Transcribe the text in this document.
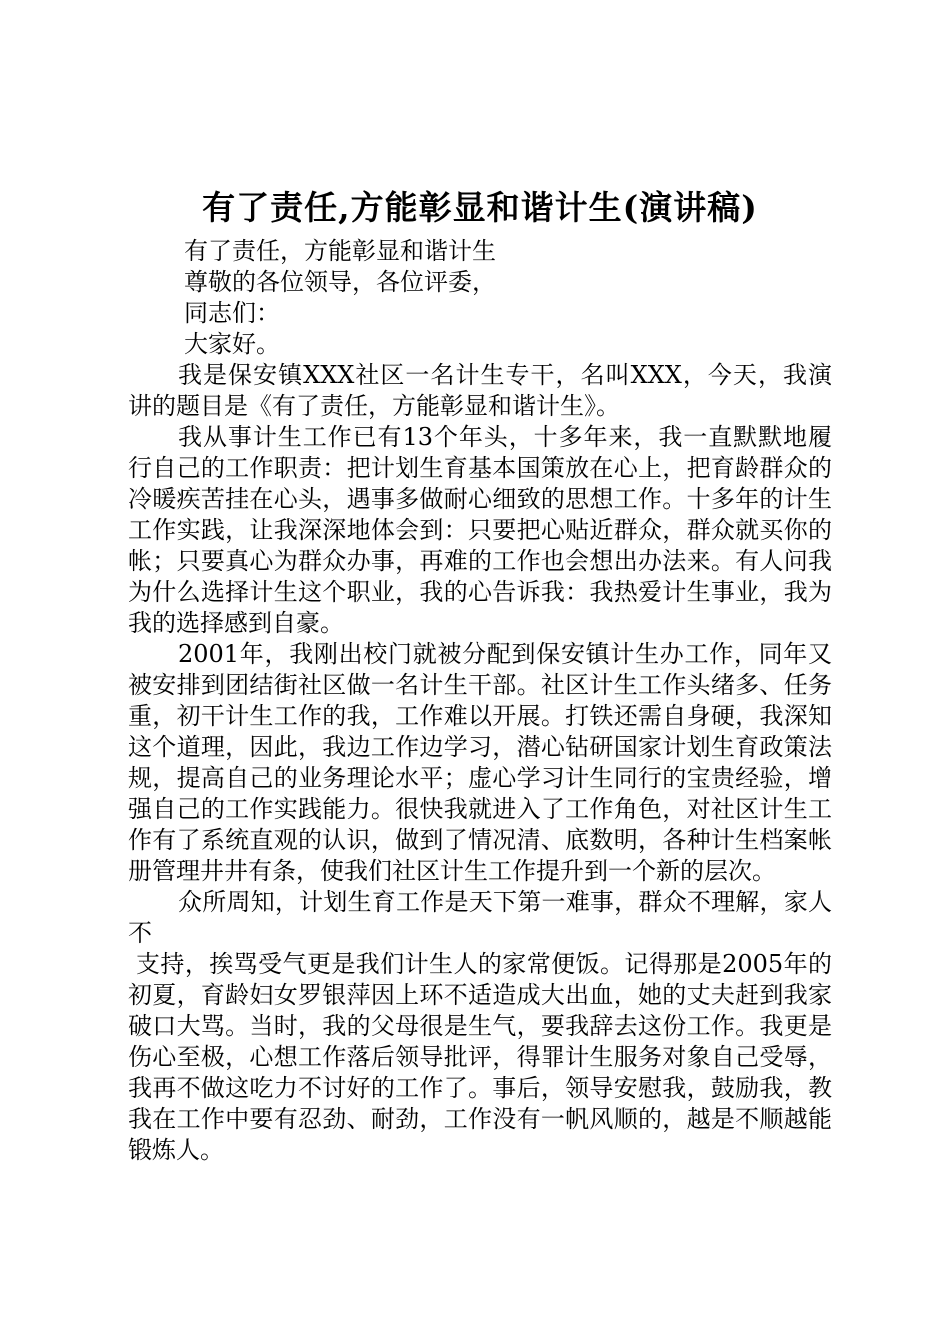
有了责任,方能彰显和谐计生(演讲稿)

有了责任，方能彰显和谐计生

尊敬的各位领导，各位评委，

同志们：

大家好。

我是保安镇XXX社区一名计生专干，名叫XXX，今天，我演讲的题目是《有了责任，方能彰显和谐计生》。

我从事计生工作已有13个年头，十多年来，我一直默默地履行自己的工作职责：把计划生育基本国策放在心上，把育龄群众的冷暖疾苦挂在心头，遇事多做耐心细致的思想工作。十多年的计生工作实践，让我深深地体会到：只要把心贴近群众，群众就买你的帐；只要真心为群众办事，再难的工作也会想出办法来。有人问我为什么选择计生这个职业，我的心告诉我：我热爱计生事业，我为我的选择感到自豪。

2001年，我刚出校门就被分配到保安镇计生办工作，同年又被安排到团结街社区做一名计生干部。社区计生工作头绪多、任务重，初干计生工作的我，工作难以开展。打铁还需自身硬，我深知这个道理，因此，我边工作边学习，潜心钻研国家计划生育政策法规，提高自己的业务理论水平；虚心学习计生同行的宝贵经验，增强自己的工作实践能力。很快我就进入了工作角色，对社区计生工作有了系统直观的认识，做到了情况清、底数明，各种计生档案帐册管理井井有条，使我们社区计生工作提升到一个新的层次。

众所周知，计划生育工作是天下第一难事，群众不理解，家人不

支持，挨骂受气更是我们计生人的家常便饭。记得那是2005年的初夏，育龄妇女罗银萍因上环不适造成大出血，她的丈夫赶到我家破口大骂。当时，我的父母很是生气，要我辞去这份工作。我更是伤心至极，心想工作落后领导批评，得罪计生服务对象自己受辱，我再不做这吃力不讨好的工作了。事后，领导安慰我，鼓励我，教我在工作中要有忍劲、耐劲，工作没有一帆风顺的，越是不顺越能锻炼人。
